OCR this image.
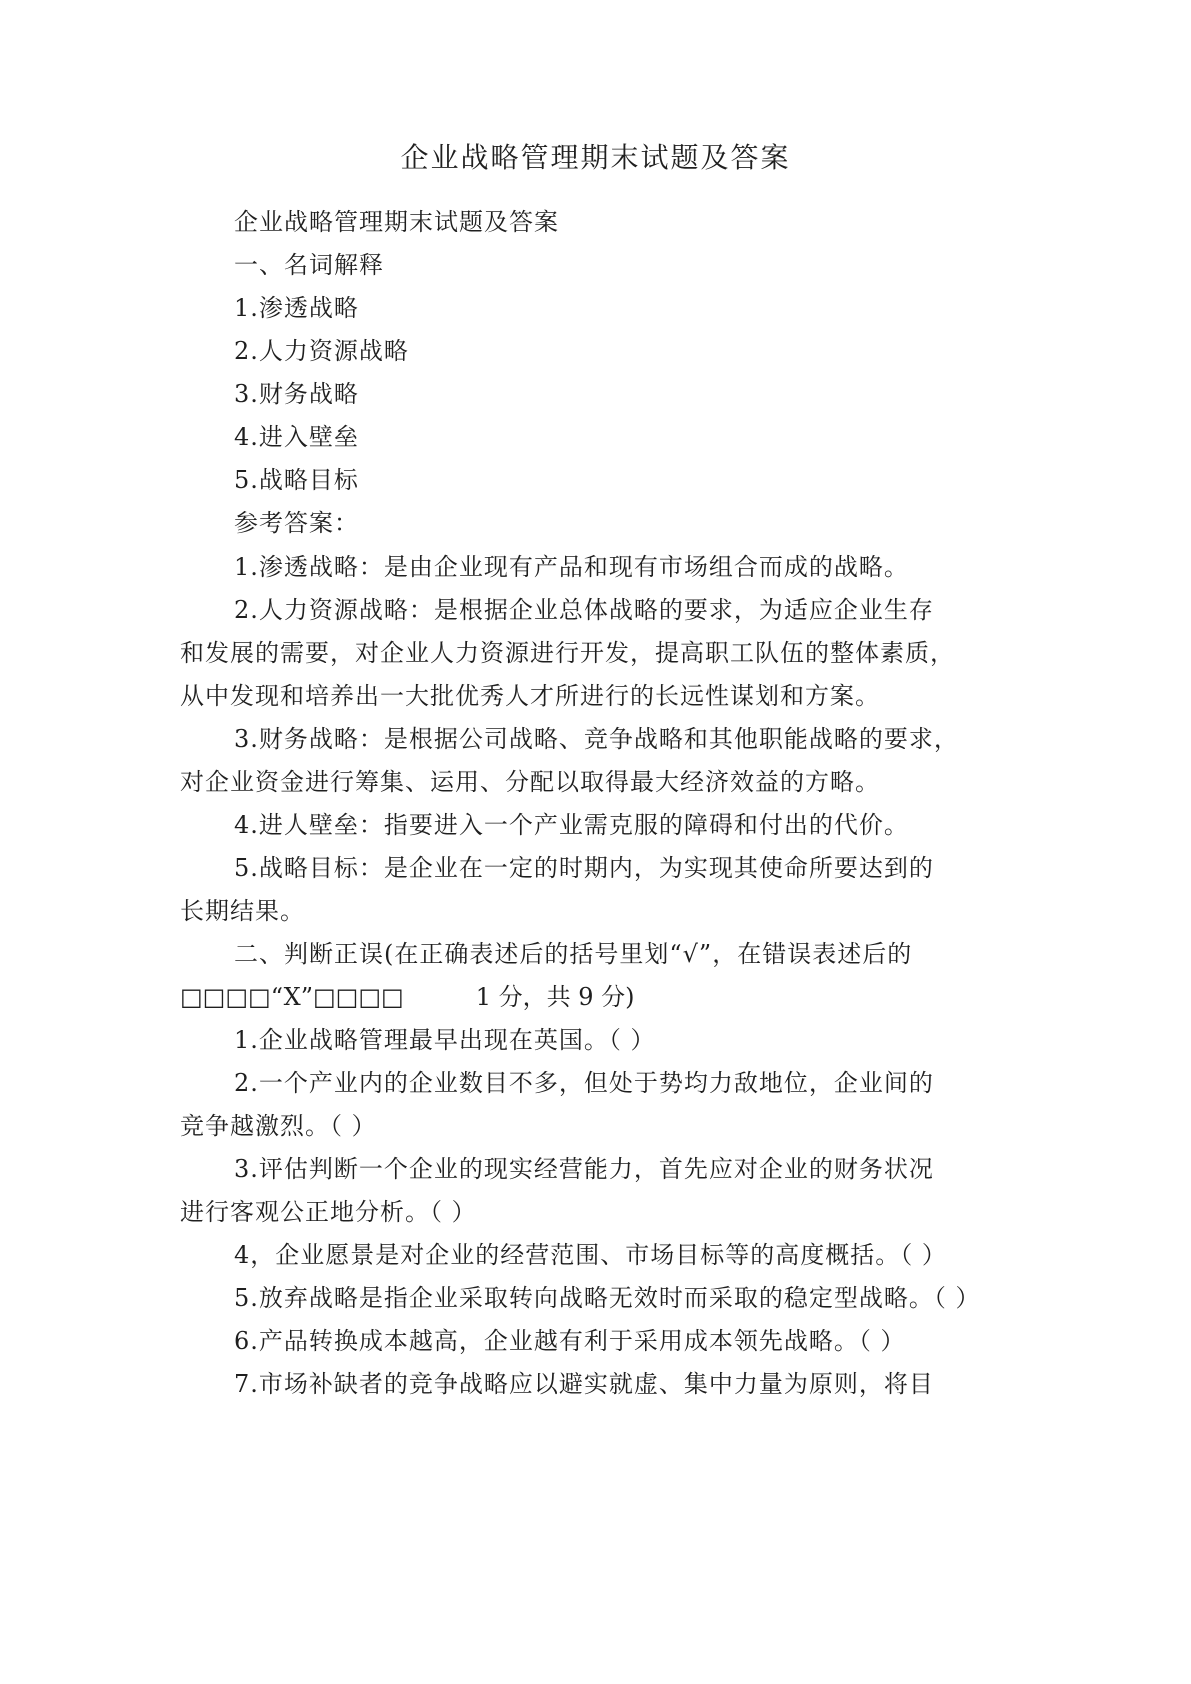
企业战略管理期末试题及答案
企业战略管理期末试题及答案
一、名词解释
1.渗透战略
2.人力资源战略
3.财务战略
4.进入壁垒
5.战略目标
参考答案：
1.渗透战略：是由企业现有产品和现有市场组合而成的战略。
2.人力资源战略：是根据企业总体战略的要求，为适应企业生存
和发展的需要，对企业人力资源进行开发，提高职工队伍的整体素质，
从中发现和培养出一大批优秀人才所进行的长远性谋划和方案。
3.财务战略：是根据公司战略、竞争战略和其他职能战略的要求，
对企业资金进行筹集、运用、分配以取得最大经济效益的方略。
4.进人壁垒：指要进入一个产业需克服的障碍和付出的代价。
5.战略目标：是企业在一定的时期内，为实现其使命所要达到的
长期结果。
二、判断正误(在正确表述后的括号里划“√”，在错误表述后的
□□□□“X”□□□□　　　1 分，共 9 分)
1.企业战略管理最早出现在英国。（ ）
2.一个产业内的企业数目不多，但处于势均力敌地位，企业间的
竞争越激烈。（ ）
3.评估判断一个企业的现实经营能力，首先应对企业的财务状况
进行客观公正地分析。（ ）
4，企业愿景是对企业的经营范围、市场目标等的高度概括。（ ）
5.放弃战略是指企业采取转向战略无效时而采取的稳定型战略。（ ）
6.产品转换成本越高，企业越有利于采用成本领先战略。（ ）
7.市场补缺者的竞争战略应以避实就虚、集中力量为原则，将目
